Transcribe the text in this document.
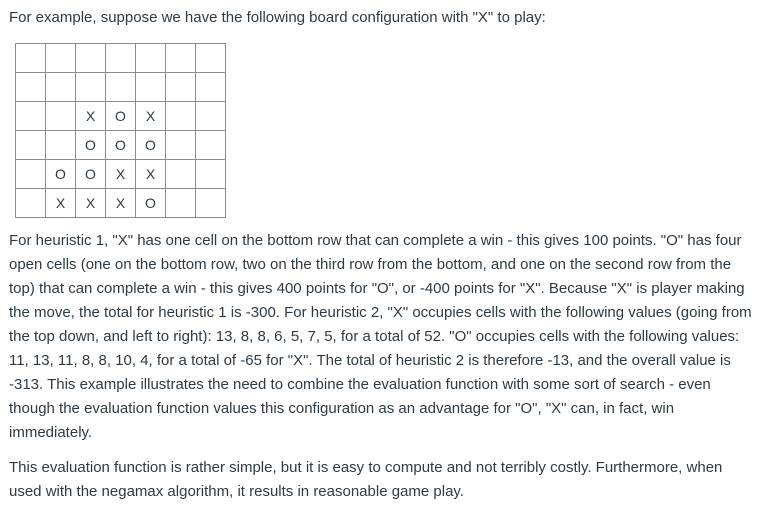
For example, suppose we have the following board configuration with "X" to play:

		X	O	X		
		O	O	O		
	O	O	X	X		
	X	X	X	O		

For heuristic 1, "X" has one cell on the bottom row that can complete a win - this gives 100 points. "O" has four open cells (one on the bottom row, two on the third row from the bottom, and one on the second row from the top) that can complete a win - this gives 400 points for "O", or -400 points for "X". Because "X" is player making the move, the total for heuristic 1 is -300. For heuristic 2, "X" occupies cells with the following values (going from the top down, and left to right): 13, 8, 8, 6, 5, 7, 5, for a total of 52. "O" occupies cells with the following values: 11, 13, 11, 8, 8, 10, 4, for a total of -65 for "X". The total of heuristic 2 is therefore -13, and the overall value is -313. This example illustrates the need to combine the evaluation function with some sort of search - even though the evaluation function values this configuration as an advantage for "O", "X" can, in fact, win immediately.

This evaluation function is rather simple, but it is easy to compute and not terribly costly. Furthermore, when used with the negamax algorithm, it results in reasonable game play.
